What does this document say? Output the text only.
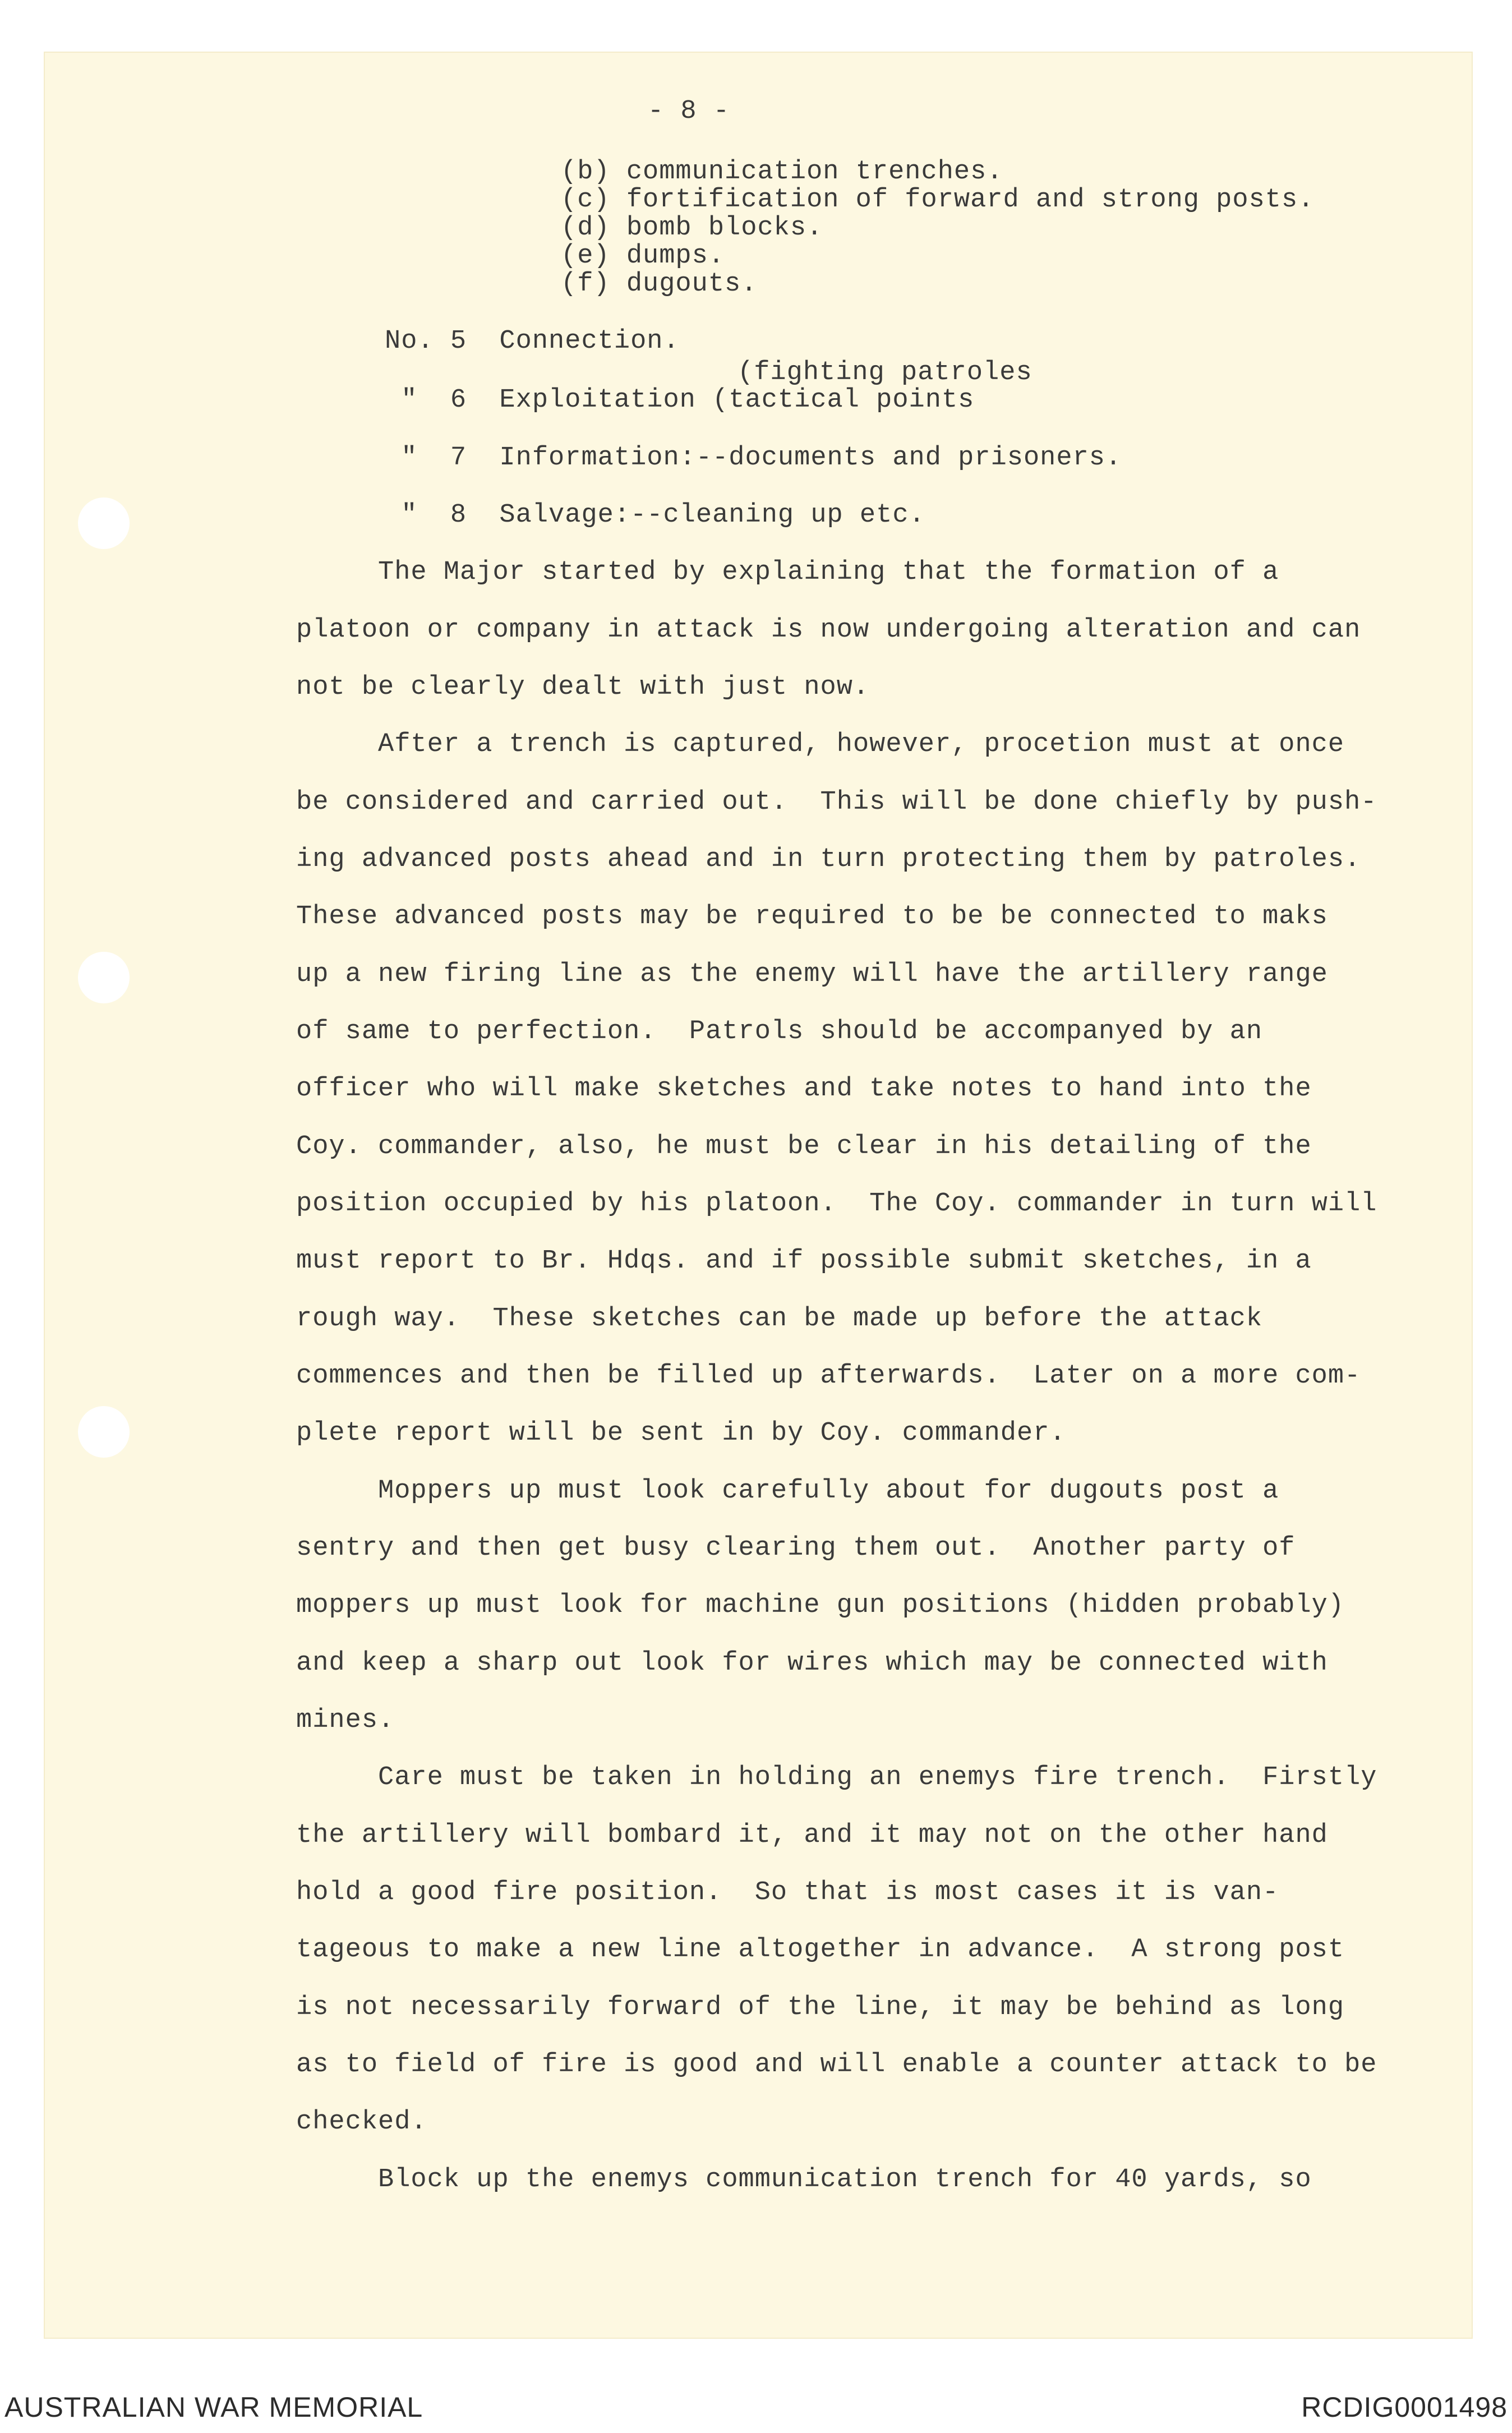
- 8 -

(b) communication trenches.

(c) fortification of forward and strong posts.

(d) bomb blocks.

(e) dumps.

(f) dugouts.

No. 5  Connection.

(fighting patroles

"  6  Exploitation (tactical points

"  7  Information:--documents and prisoners.

"  8  Salvage:--cleaning up etc.

The Major started by explaining that the formation of a

platoon or company in attack is now undergoing alteration and can

not be clearly dealt with just now.

After a trench is captured, however, procetion must at once

be considered and carried out.  This will be done chiefly by push-

ing advanced posts ahead and in turn protecting them by patroles.

These advanced posts may be required to be be connected to maks

up a new firing line as the enemy will have the artillery range

of same to perfection.  Patrols should be accompanyed by an

officer who will make sketches and take notes to hand into the

Coy. commander, also, he must be clear in his detailing of the

position occupied by his platoon.  The Coy. commander in turn will

must report to Br. Hdqs. and if possible submit sketches, in a

rough way.  These sketches can be made up before the attack

commences and then be filled up afterwards.  Later on a more com-

plete report will be sent in by Coy. commander.

Moppers up must look carefully about for dugouts post a

sentry and then get busy clearing them out.  Another party of

moppers up must look for machine gun positions (hidden probably)

and keep a sharp out look for wires which may be connected with

mines.

Care must be taken in holding an enemys fire trench.  Firstly

the artillery will bombard it, and it may not on the other hand

hold a good fire position.  So that is most cases it is van-

tageous to make a new line altogether in advance.  A strong post

is not necessarily forward of the line, it may be behind as long

as to field of fire is good and will enable a counter attack to be

checked.

Block up the enemys communication trench for 40 yards, so

AUSTRALIAN WAR MEMORIAL	RCDIG0001498
